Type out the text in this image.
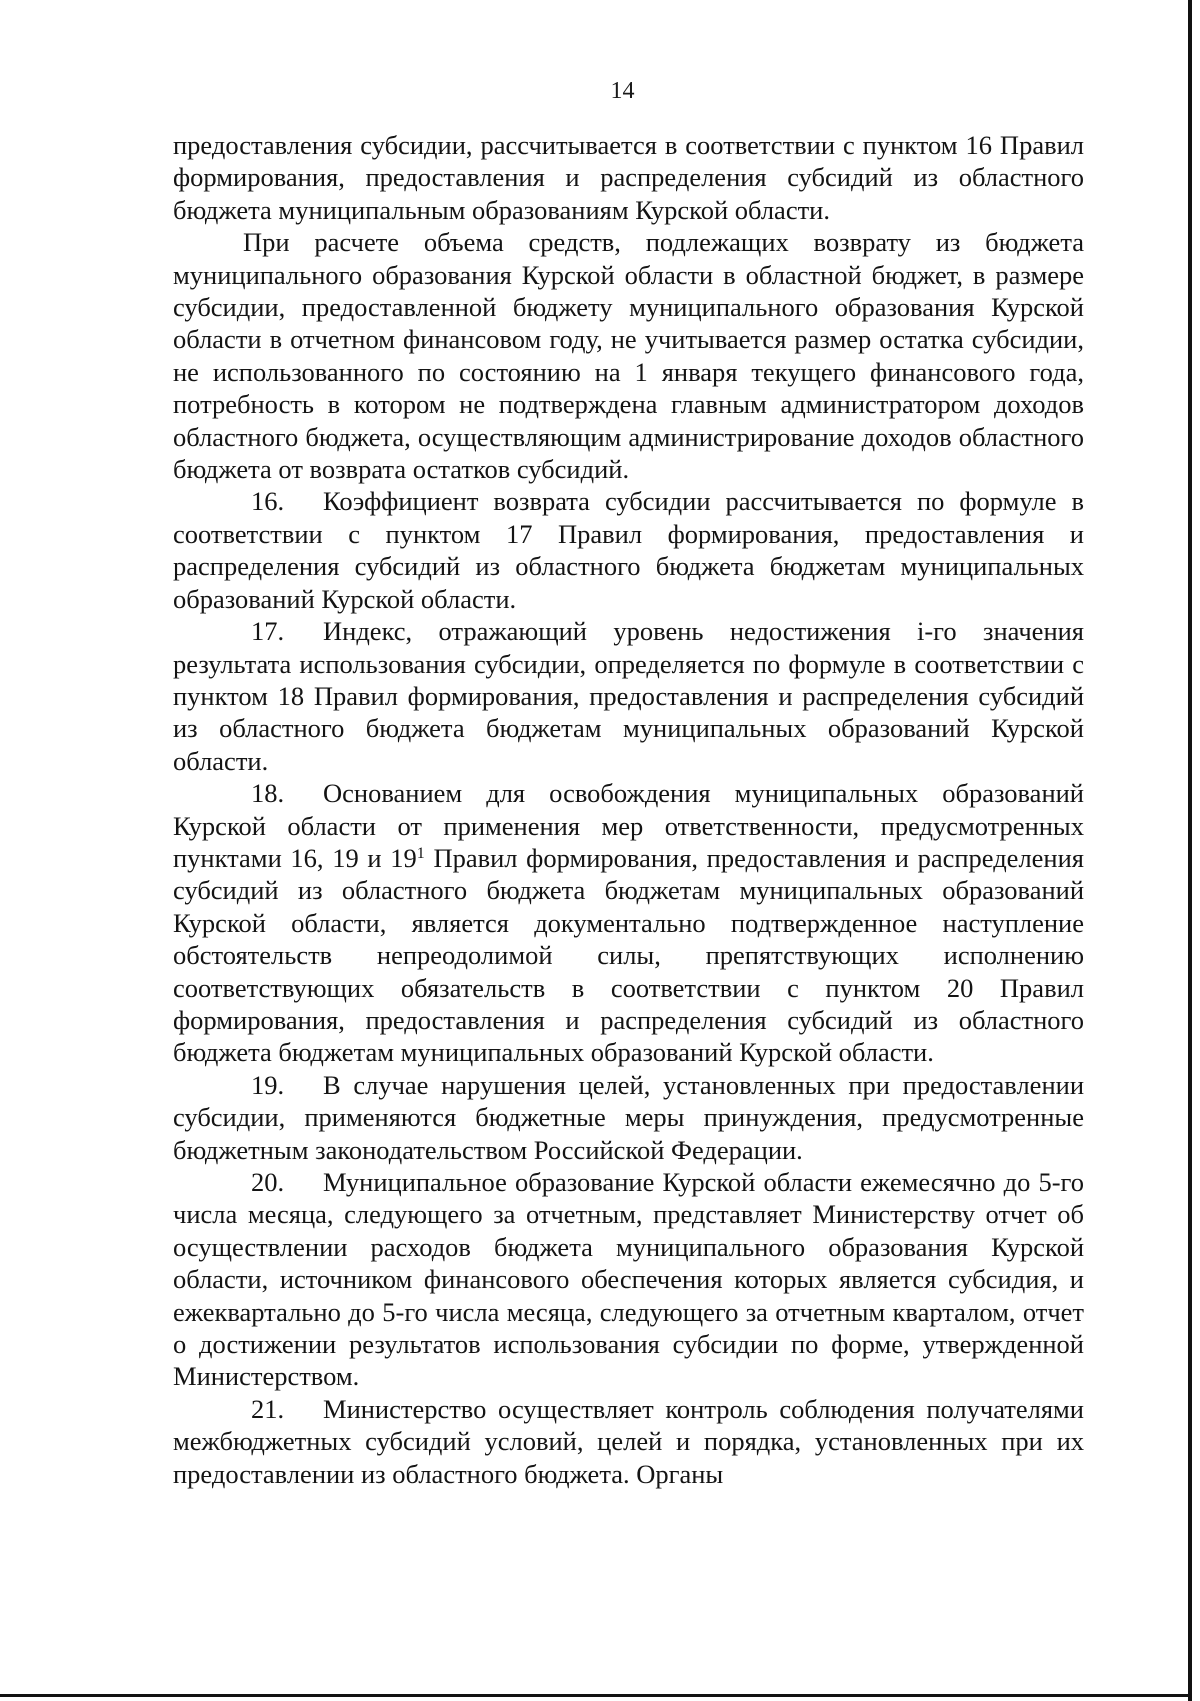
14

предоставления субсидии, рассчитывается в соответствии с пунктом 16 Правил формирования, предоставления и распределения субсидий из областного бюджета муниципальным образованиям Курской области.

При расчете объема средств, подлежащих возврату из бюджета муниципального образования Курской области в областной бюджет, в размере субсидии, предоставленной бюджету муниципального образования Курской области в отчетном финансовом году, не учитывается размер остатка субсидии, не использованного по состоянию на 1 января текущего финансового года, потребность в котором не подтверждена главным администратором доходов областного бюджета, осуществляющим администрирование доходов областного бюджета от возврата остатков субсидий.

16. Коэффициент возврата субсидии рассчитывается по формуле в соответствии с пунктом 17 Правил формирования, предоставления и распределения субсидий из областного бюджета бюджетам муниципальных образований Курской области.

17. Индекс, отражающий уровень недостижения i-го значения результата использования субсидии, определяется по формуле в соответствии с пунктом 18 Правил формирования, предоставления и распределения субсидий из областного бюджета бюджетам муниципальных образований Курской области.

18. Основанием для освобождения муниципальных образований Курской области от применения мер ответственности, предусмотренных пунктами 16, 19 и $19^1$ Правил формирования, предоставления и распределения субсидий из областного бюджета бюджетам муниципальных образований Курской области, является документально подтвержденное наступление обстоятельств непреодолимой силы, препятствующих исполнению соответствующих обязательств в соответствии с пунктом 20 Правил формирования, предоставления и распределения субсидий из областного бюджета бюджетам муниципальных образований Курской области.

19. В случае нарушения целей, установленных при предоставлении субсидии, применяются бюджетные меры принуждения, предусмотренные бюджетным законодательством Российской Федерации.

20. Муниципальное образование Курской области ежемесячно до 5-го числа месяца, следующего за отчетным, представляет Министерству отчет об осуществлении расходов бюджета муниципального образования Курской области, источником финансового обеспечения которых является субсидия, и ежеквартально до 5-го числа месяца, следующего за отчетным кварталом, отчет о достижении результатов использования субсидии по форме, утвержденной Министерством.

21. Министерство осуществляет контроль соблюдения получателями межбюджетных субсидий условий, целей и порядка, установленных при их предоставлении из областного бюджета. Органы
